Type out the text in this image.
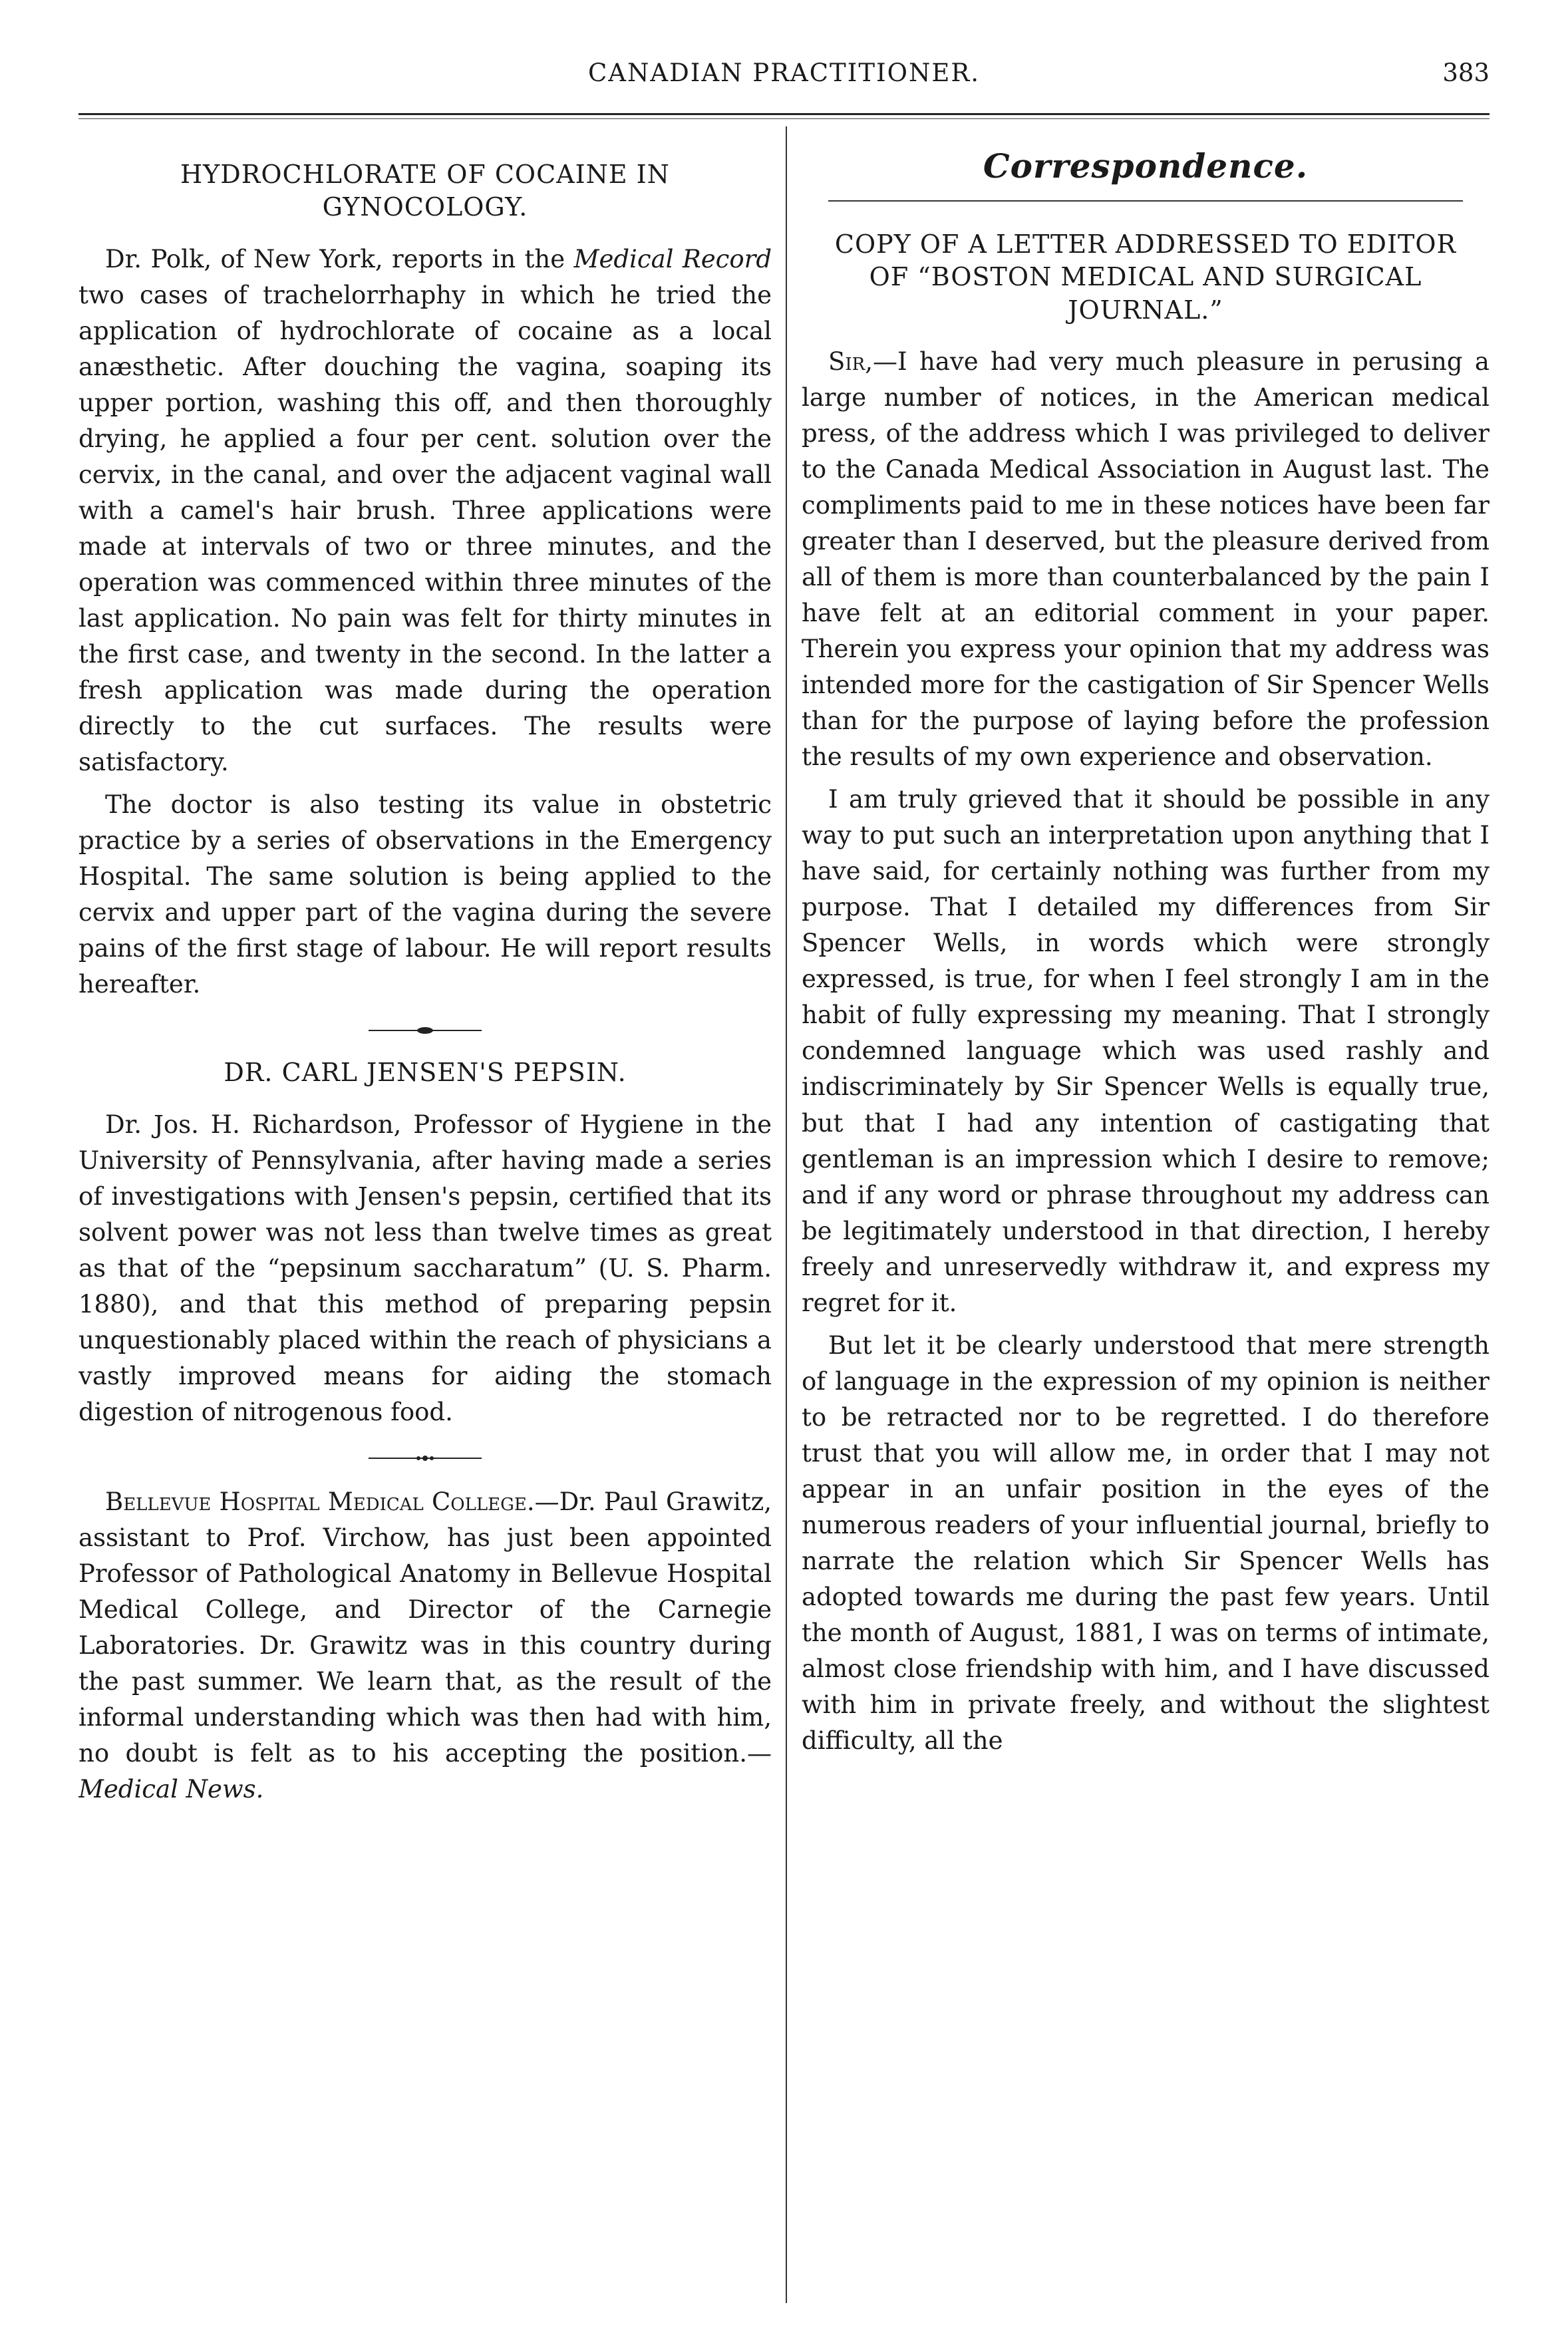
CANADIAN PRACTITIONER.	383
HYDROCHLORATE OF COCAINE IN GYNOCOLOGY.

Dr. Polk, of New York, reports in the Medical Record two cases of trachelorrhaphy in which he tried the application of hydrochlorate of cocaine as a local anæsthetic. After douching the vagina, soaping its upper portion, washing this off, and then thoroughly drying, he applied a four per cent. solution over the cervix, in the canal, and over the adjacent vaginal wall with a camel's hair brush. Three applications were made at intervals of two or three minutes, and the operation was commenced within three minutes of the last application. No pain was felt for thirty minutes in the first case, and twenty in the second. In the latter a fresh application was made during the operation directly to the cut surfaces. The results were satisfactory.

The doctor is also testing its value in obstetric practice by a series of observations in the Emergency Hospital. The same solution is being applied to the cervix and upper part of the vagina during the severe pains of the first stage of labour. He will report results hereafter.

DR. CARL JENSEN'S PEPSIN.

Dr. Jos. H. Richardson, Professor of Hygiene in the University of Pennsylvania, after having made a series of investigations with Jensen's pepsin, certified that its solvent power was not less than twelve times as great as that of the “pepsinum saccharatum” (U. S. Pharm. 1880), and that this method of preparing pepsin unquestionably placed within the reach of physicians a vastly improved means for aiding the stomach digestion of nitrogenous food.

Bellevue Hospital Medical College.—Dr. Paul Grawitz, assistant to Prof. Virchow, has just been appointed Professor of Pathological Anatomy in Bellevue Hospital Medical College, and Director of the Carnegie Laboratories. Dr. Grawitz was in this country during the past summer. We learn that, as the result of the informal understanding which was then had with him, no doubt is felt as to his accepting the position.—Medical News.

Correspondence.
COPY OF A LETTER ADDRESSED TO EDITOR OF “BOSTON MEDICAL AND SURGICAL JOURNAL.”

Sir,—I have had very much pleasure in perusing a large number of notices, in the American medical press, of the address which I was privileged to deliver to the Canada Medical Association in August last. The compliments paid to me in these notices have been far greater than I deserved, but the pleasure derived from all of them is more than counterbalanced by the pain I have felt at an editorial comment in your paper. Therein you express your opinion that my address was intended more for the castigation of Sir Spencer Wells than for the purpose of laying before the profession the results of my own experience and observation.

I am truly grieved that it should be possible in any way to put such an interpretation upon anything that I have said, for certainly nothing was further from my purpose. That I detailed my differences from Sir Spencer Wells, in words which were strongly expressed, is true, for when I feel strongly I am in the habit of fully expressing my meaning. That I strongly condemned language which was used rashly and indiscriminately by Sir Spencer Wells is equally true, but that I had any intention of castigating that gentleman is an impression which I desire to remove; and if any word or phrase throughout my address can be legitimately understood in that direction, I hereby freely and unreservedly withdraw it, and express my regret for it.

But let it be clearly understood that mere strength of language in the expression of my opinion is neither to be retracted nor to be regretted. I do therefore trust that you will allow me, in order that I may not appear in an unfair position in the eyes of the numerous readers of your influential journal, briefly to narrate the relation which Sir Spencer Wells has adopted towards me during the past few years. Until the month of August, 1881, I was on terms of intimate, almost close friendship with him, and I have discussed with him in private freely, and without the slightest difficulty, all the
